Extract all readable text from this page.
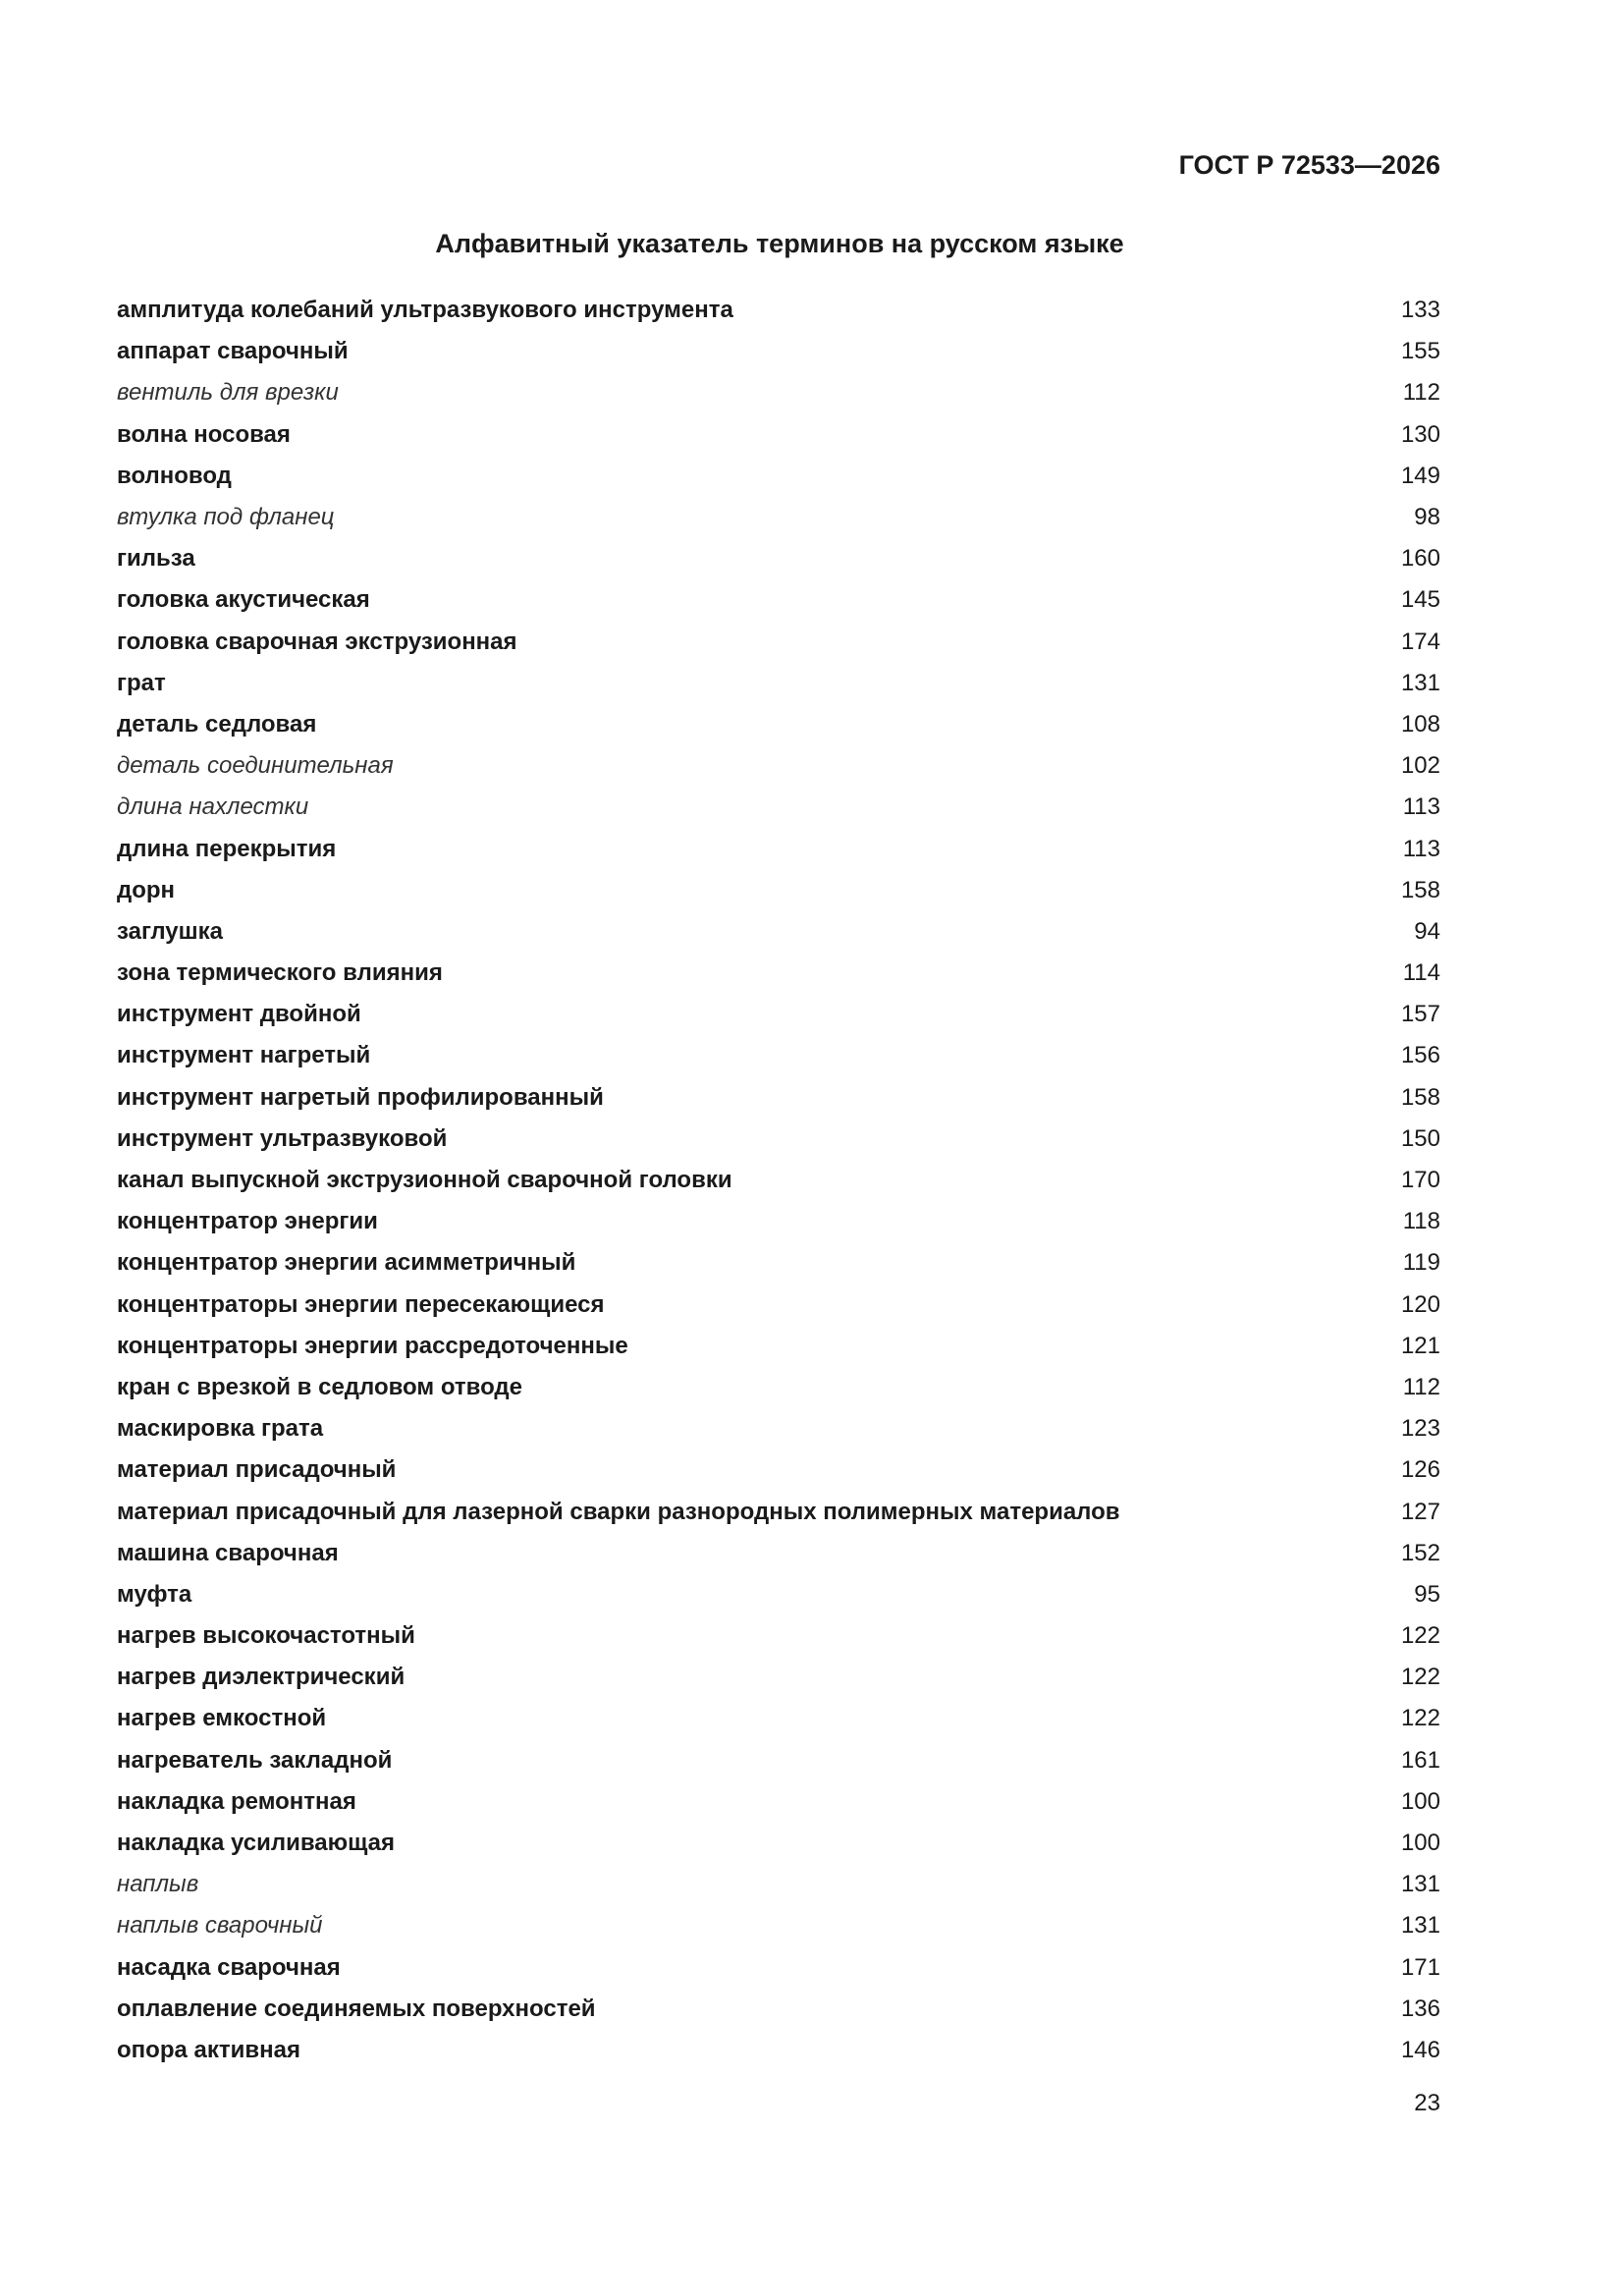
ГОСТ Р 72533—2026
Алфавитный указатель терминов на русском языке
амплитуда колебаний ультразвукового инструмента	133
аппарат сварочный	155
вентиль для врезки	112
волна носовая	130
волновод	149
втулка под фланец	98
гильза	160
головка акустическая	145
головка сварочная экструзионная	174
грат	131
деталь седловая	108
деталь соединительная	102
длина нахлестки	113
длина перекрытия	113
дорн	158
заглушка	94
зона термического влияния	114
инструмент двойной	157
инструмент нагретый	156
инструмент нагретый профилированный	158
инструмент ультразвуковой	150
канал выпускной экструзионной сварочной головки	170
концентратор энергии	118
концентратор энергии асимметричный	119
концентраторы энергии пересекающиеся	120
концентраторы энергии рассредоточенные	121
кран с врезкой в седловом отводе	112
маскировка грата	123
материал присадочный	126
материал присадочный для лазерной сварки разнородных полимерных материалов	127
машина сварочная	152
муфта	95
нагрев высокочастотный	122
нагрев диэлектрический	122
нагрев емкостной	122
нагреватель закладной	161
накладка ремонтная	100
накладка усиливающая	100
наплыв	131
наплыв сварочный	131
насадка сварочная	171
оплавление соединяемых поверхностей	136
опора активная	146
23
